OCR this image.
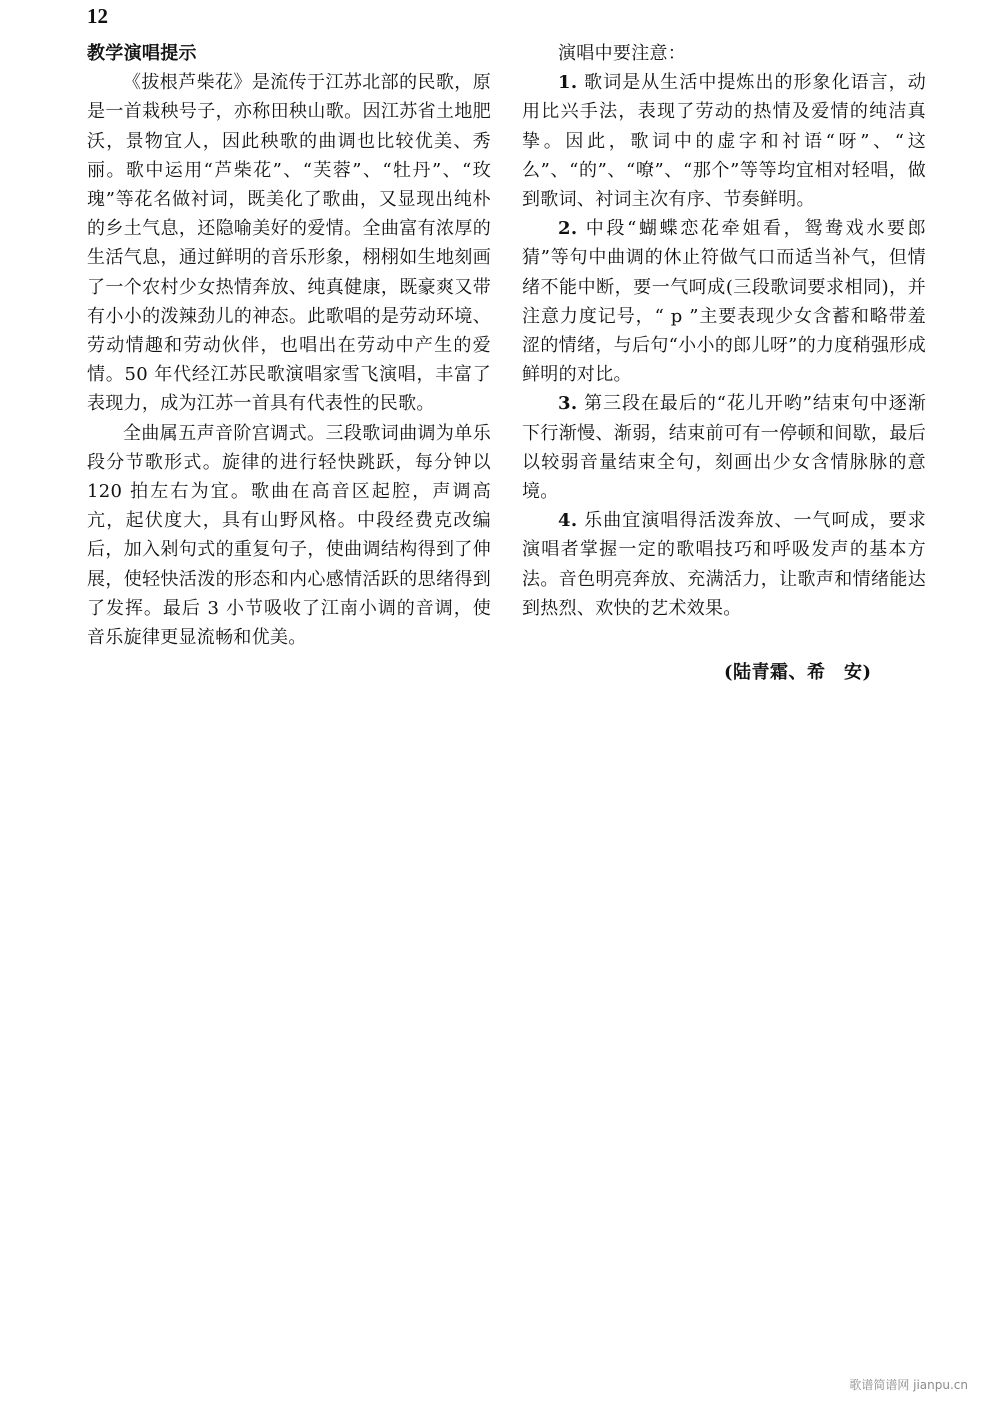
12

教学演唱提示

《拔根芦柴花》是流传于江苏北部的民歌，原是一首栽秧号子，亦称田秧山歌。因江苏省土地肥沃，景物宜人，因此秧歌的曲调也比较优美、秀丽。歌中运用“芦柴花”、“芙蓉”、“牡丹”、“玫瑰”等花名做衬词，既美化了歌曲，又显现出纯朴的乡土气息，还隐喻美好的爱情。全曲富有浓厚的生活气息，通过鲜明的音乐形象，栩栩如生地刻画了一个农村少女热情奔放、纯真健康，既豪爽又带有小小的泼辣劲儿的神态。此歌唱的是劳动环境、劳动情趣和劳动伙伴，也唱出在劳动中产生的爱情。50 年代经江苏民歌演唱家雪飞演唱，丰富了表现力，成为江苏一首具有代表性的民歌。

全曲属五声音阶宫调式。三段歌词曲调为单乐段分节歌形式。旋律的进行轻快跳跃，每分钟以 120 拍左右为宜。歌曲在高音区起腔，声调高亢，起伏度大，具有山野风格。中段经费克改编后，加入剁句式的重复句子，使曲调结构得到了伸展，使轻快活泼的形态和内心感情活跃的思绪得到了发挥。最后 3 小节吸收了江南小调的音调，使音乐旋律更显流畅和优美。

演唱中要注意：

1. 歌词是从生活中提炼出的形象化语言，动用比兴手法，表现了劳动的热情及爱情的纯洁真挚。因此，歌词中的虚字和衬语“呀”、“这么”、“的”、“嘹”、“那个”等等均宜相对轻唱，做到歌词、衬词主次有序、节奏鲜明。

2. 中段“蝴蝶恋花牵姐看，鸳鸯戏水要郎猜”等句中曲调的休止符做气口而适当补气，但情绪不能中断，要一气呵成(三段歌词要求相同)，并注意力度记号，“ p ”主要表现少女含蓄和略带羞涩的情绪，与后句“小小的郎儿呀”的力度稍强形成鲜明的对比。

3. 第三段在最后的“花儿开哟”结束句中逐渐下行渐慢、渐弱，结束前可有一停顿和间歇，最后以较弱音量结束全句，刻画出少女含情脉脉的意境。

4. 乐曲宜演唱得活泼奔放、一气呵成，要求演唱者掌握一定的歌唱技巧和呼吸发声的基本方法。音色明亮奔放、充满活力，让歌声和情绪能达到热烈、欢快的艺术效果。

(陆青霜、希　安)
歌谱简谱网 jianpu.cn
